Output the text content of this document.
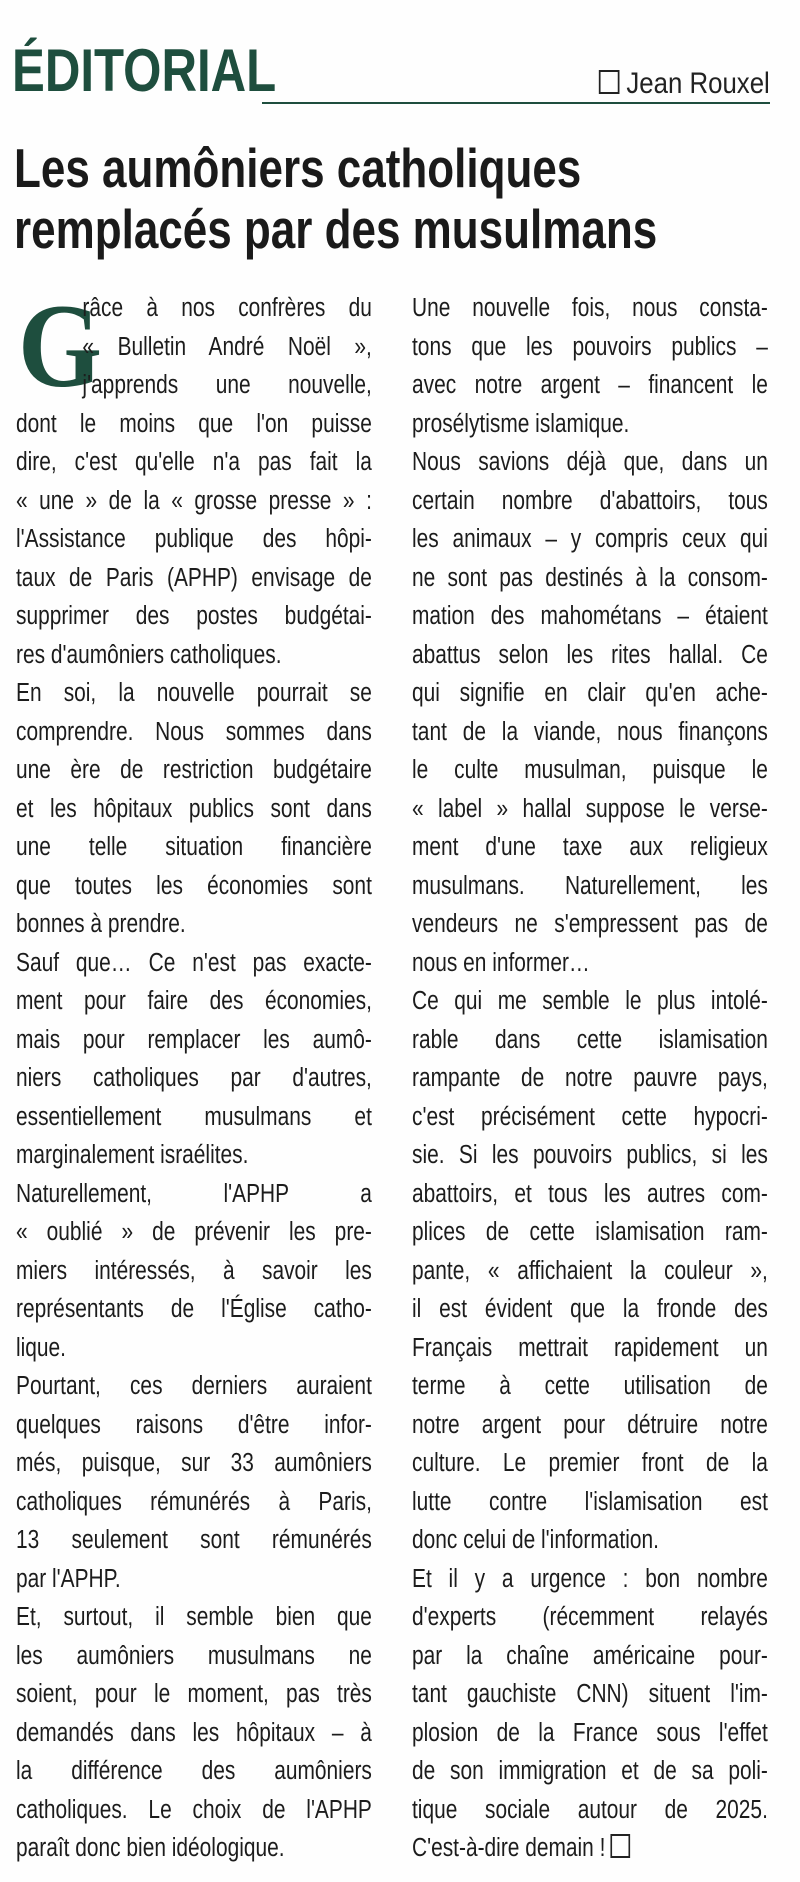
ÉDITORIAL	Jean Rouxel
Les aumôniers catholiques
remplacés par des musulmans
G
râce à nos confrères du
« Bulletin André Noël »,
j'apprends une nouvelle,
dont le moins que l'on puisse
dire, c'est qu'elle n'a pas fait la
« une » de la « grosse presse » :
l'Assistance publique des hôpi-
taux de Paris (APHP) envisage de
supprimer des postes budgétai-
res d'aumôniers catholiques.
En soi, la nouvelle pourrait se
comprendre. Nous sommes dans
une ère de restriction budgétaire
et les hôpitaux publics sont dans
une telle situation financière
que toutes les économies sont
bonnes à prendre.
Sauf que… Ce n'est pas exacte-
ment pour faire des économies,
mais pour remplacer les aumô-
niers catholiques par d'autres,
essentiellement musulmans et
marginalement israélites.
Naturellement, l'APHP a
« oublié » de prévenir les pre-
miers intéressés, à savoir les
représentants de l'Église catho-
lique.
Pourtant, ces derniers auraient
quelques raisons d'être infor-
més, puisque, sur 33 aumôniers
catholiques rémunérés à Paris,
13 seulement sont rémunérés
par l'APHP.
Et, surtout, il semble bien que
les aumôniers musulmans ne
soient, pour le moment, pas très
demandés dans les hôpitaux – à
la différence des aumôniers
catholiques. Le choix de l'APHP
paraît donc bien idéologique.
Une nouvelle fois, nous consta-
tons que les pouvoirs publics –
avec notre argent – financent le
prosélytisme islamique.
Nous savions déjà que, dans un
certain nombre d'abattoirs, tous
les animaux – y compris ceux qui
ne sont pas destinés à la consom-
mation des mahométans – étaient
abattus selon les rites hallal. Ce
qui signifie en clair qu'en ache-
tant de la viande, nous finançons
le culte musulman, puisque le
« label » hallal suppose le verse-
ment d'une taxe aux religieux
musulmans. Naturellement, les
vendeurs ne s'empressent pas de
nous en informer…
Ce qui me semble le plus intolé-
rable dans cette islamisation
rampante de notre pauvre pays,
c'est précisément cette hypocri-
sie. Si les pouvoirs publics, si les
abattoirs, et tous les autres com-
plices de cette islamisation ram-
pante, « affichaient la couleur »,
il est évident que la fronde des
Français mettrait rapidement un
terme à cette utilisation de
notre argent pour détruire notre
culture. Le premier front de la
lutte contre l'islamisation est
donc celui de l'information.
Et il y a urgence : bon nombre
d'experts (récemment relayés
par la chaîne américaine pour-
tant gauchiste CNN) situent l'im-
plosion de la France sous l'effet
de son immigration et de sa poli-
tique sociale autour de 2025.
C'est-à-dire demain !
